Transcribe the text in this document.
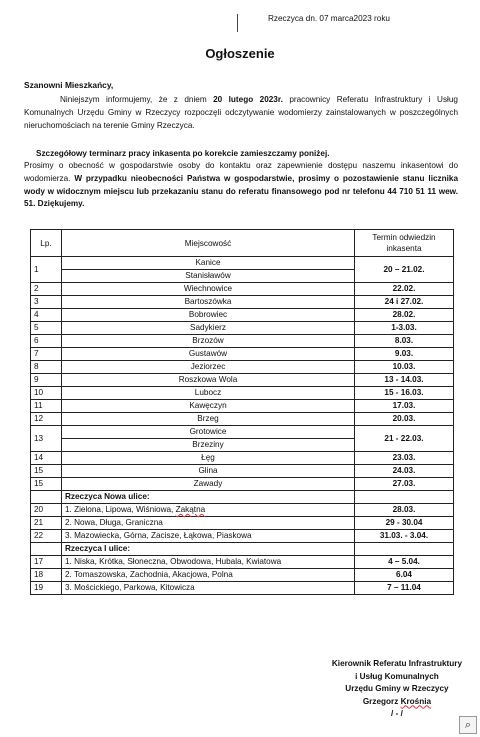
Rzeczyca dn. 07 marca2023 roku
Ogłoszenie
Szanowni Mieszkańcy,
Niniejszym informujemy, że z dniem 20 lutego 2023r. pracownicy Referatu Infrastruktury i Usług Komunalnych Urzędu Gminy w Rzeczycy rozpoczęli odczytywanie wodomierzy zainstalowanych w poszczególnych nieruchomościach na terenie Gminy Rzeczyca.
Szczegółowy terminarz pracy inkasenta po korekcie zamieszczamy poniżej.
Prosimy o obecność w gospodarstwie osoby do kontaktu oraz zapewnienie dostępu naszemu inkasentowi do wodomierza. W przypadku nieobecności Państwa w gospodarstwie, prosimy o pozostawienie stanu licznika wody w widocznym miejscu lub przekazaniu stanu do referatu finansowego pod nr telefonu 44 710 51 11 wew. 51. Dziękujemy.
Lp.	Miejscowość	Termin odwiedzin inkasenta
1	Kanice	20 – 21.02.
	Stanisławów	
2	Wiechnowice	22.02.
3	Bartoszówka	24 i 27.02.
4	Bobrowiec	28.02.
5	Sadykierz	1-3.03.
6	Brzozów	8.03.
7	Gustawów	9.03.
8	Jeziorzec	10.03.
9	Roszkowa Wola	13 - 14.03.
10	Lubocz	15 - 16.03.
11	Kawęczyn	17.03.
12	Brzeg	20.03.
13	Grotowice	21 - 22.03.
	Brzeziny	
14	Łęg	23.03.
15	Glina	24.03.
15	Zawady	27.03.
	Rzeczyca Nowa ulice:	
20	1. Zielona, Lipowa, Wiśniowa, Zakątna	28.03.
21	2. Nowa, Długa, Graniczna	29 - 30.04
22	3. Mazowiecka, Górna, Zacisze, Łąkowa, Piaskowa	31.03. - 3.04.
	Rzeczyca I ulice:	
17	1. Niska, Krótka, Słoneczna, Obwodowa, Hubala, Kwiatowa	4 – 5.04.
18	2. Tomaszowska, Zachodnia, Akacjowa, Polna	6.04
19	3. Mościckiego, Parkowa, Kitowicza	7 – 11.04
Kierownik Referatu Infrastruktury
i Usług Komunalnych
Urzędu Gminy w Rzeczycy
Grzegorz Krośnia
/ - /
⌕
